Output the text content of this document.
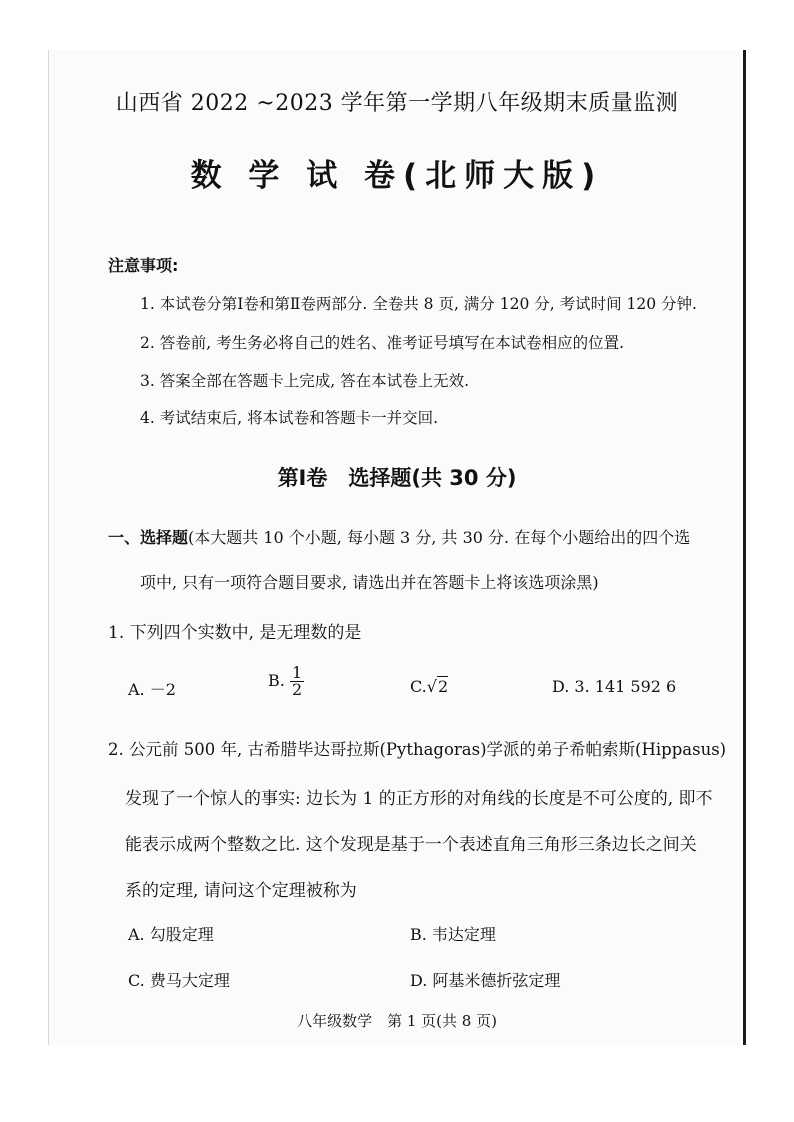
山西省 2022 ~2023 学年第一学期八年级期末质量监测
数 学 试 卷(北师大版)
注意事项:
1. 本试卷分第Ⅰ卷和第Ⅱ卷两部分. 全卷共 8 页, 满分 120 分, 考试时间 120 分钟.
2. 答卷前, 考生务必将自己的姓名、准考证号填写在本试卷相应的位置.
3. 答案全部在答题卡上完成, 答在本试卷上无效.
4. 考试结束后, 将本试卷和答题卡一并交回.
第Ⅰ卷　选择题(共 30 分)
一、选择题(本大题共 10 个小题, 每小题 3 分, 共 30 分. 在每个小题给出的四个选
项中, 只有一项符合题目要求, 请选出并在答题卡上将该选项涂黑)
1. 下列四个实数中, 是无理数的是
A. －2	B. $\frac{1}{2}$	C.√2	D. 3. 141 592 6
2. 公元前 500 年, 古希腊毕达哥拉斯(Pythagoras)学派的弟子希帕索斯(Hippasus)
发现了一个惊人的事实: 边长为 1 的正方形的对角线的长度是不可公度的, 即不
能表示成两个整数之比. 这个发现是基于一个表述直角三角形三条边长之间关
系的定理, 请问这个定理被称为
A. 勾股定理	B. 韦达定理
C. 费马大定理	D. 阿基米德折弦定理
八年级数学　第 1 页(共 8 页)
